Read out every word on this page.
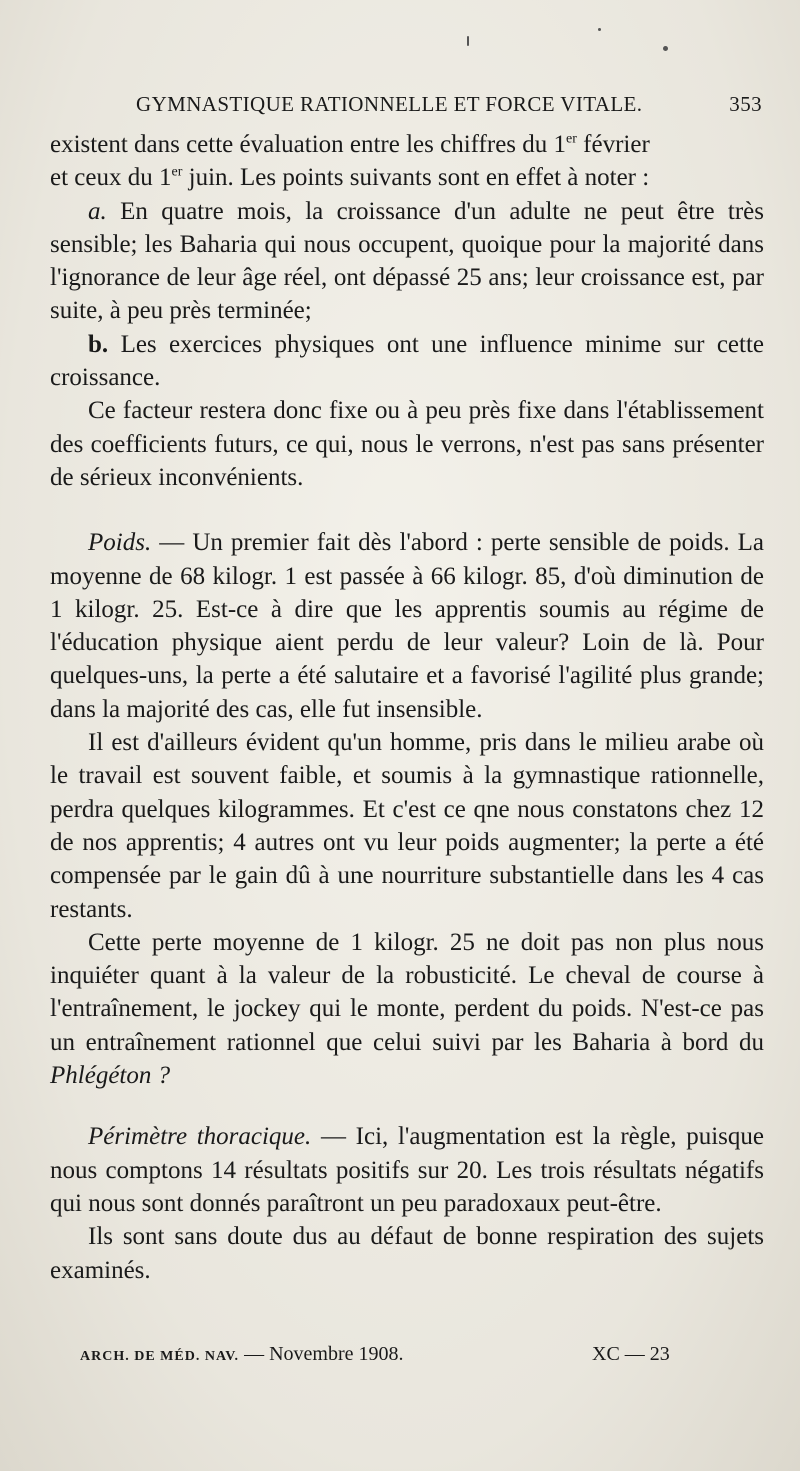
GYMNASTIQUE RATIONNELLE ET FORCE VITALE.	353

existent dans cette évaluation entre les chiffres du 1er février
et ceux du 1er juin. Les points suivants sont en effet à noter :

a. En quatre mois, la croissance d'un adulte ne peut être très sensible; les Baharia qui nous occupent, quoique pour la majorité dans l'ignorance de leur âge réel, ont dépassé 25 ans; leur croissance est, par suite, à peu près terminée;

b. Les exercices physiques ont une influence minime sur cette croissance.

Ce facteur restera donc fixe ou à peu près fixe dans l'établissement des coefficients futurs, ce qui, nous le verrons, n'est pas sans présenter de sérieux inconvénients.

Poids. — Un premier fait dès l'abord : perte sensible de poids. La moyenne de 68 kilogr. 1 est passée à 66 kilogr. 85, d'où diminution de 1 kilogr. 25. Est-ce à dire que les apprentis soumis au régime de l'éducation physique aient perdu de leur valeur? Loin de là. Pour quelques-uns, la perte a été salutaire et a favorisé l'agilité plus grande; dans la majorité des cas, elle fut insensible.

Il est d'ailleurs évident qu'un homme, pris dans le milieu arabe où le travail est souvent faible, et soumis à la gymnastique rationnelle, perdra quelques kilogrammes. Et c'est ce qne nous constatons chez 12 de nos apprentis; 4 autres ont vu leur poids augmenter; la perte a été compensée par le gain dû à une nourriture substantielle dans les 4 cas restants.

Cette perte moyenne de 1 kilogr. 25 ne doit pas non plus nous inquiéter quant à la valeur de la robusticité. Le cheval de course à l'entraînement, le jockey qui le monte, perdent du poids. N'est-ce pas un entraînement rationnel que celui suivi par les Baharia à bord du Phlégéton ?

Périmètre thoracique. — Ici, l'augmentation est la règle, puisque nous comptons 14 résultats positifs sur 20. Les trois résultats négatifs qui nous sont donnés paraîtront un peu paradoxaux peut-être.

Ils sont sans doute dus au défaut de bonne respiration des sujets examinés.

ARCH. DE MÉD. NAV. — Novembre 1908.	XC — 23
